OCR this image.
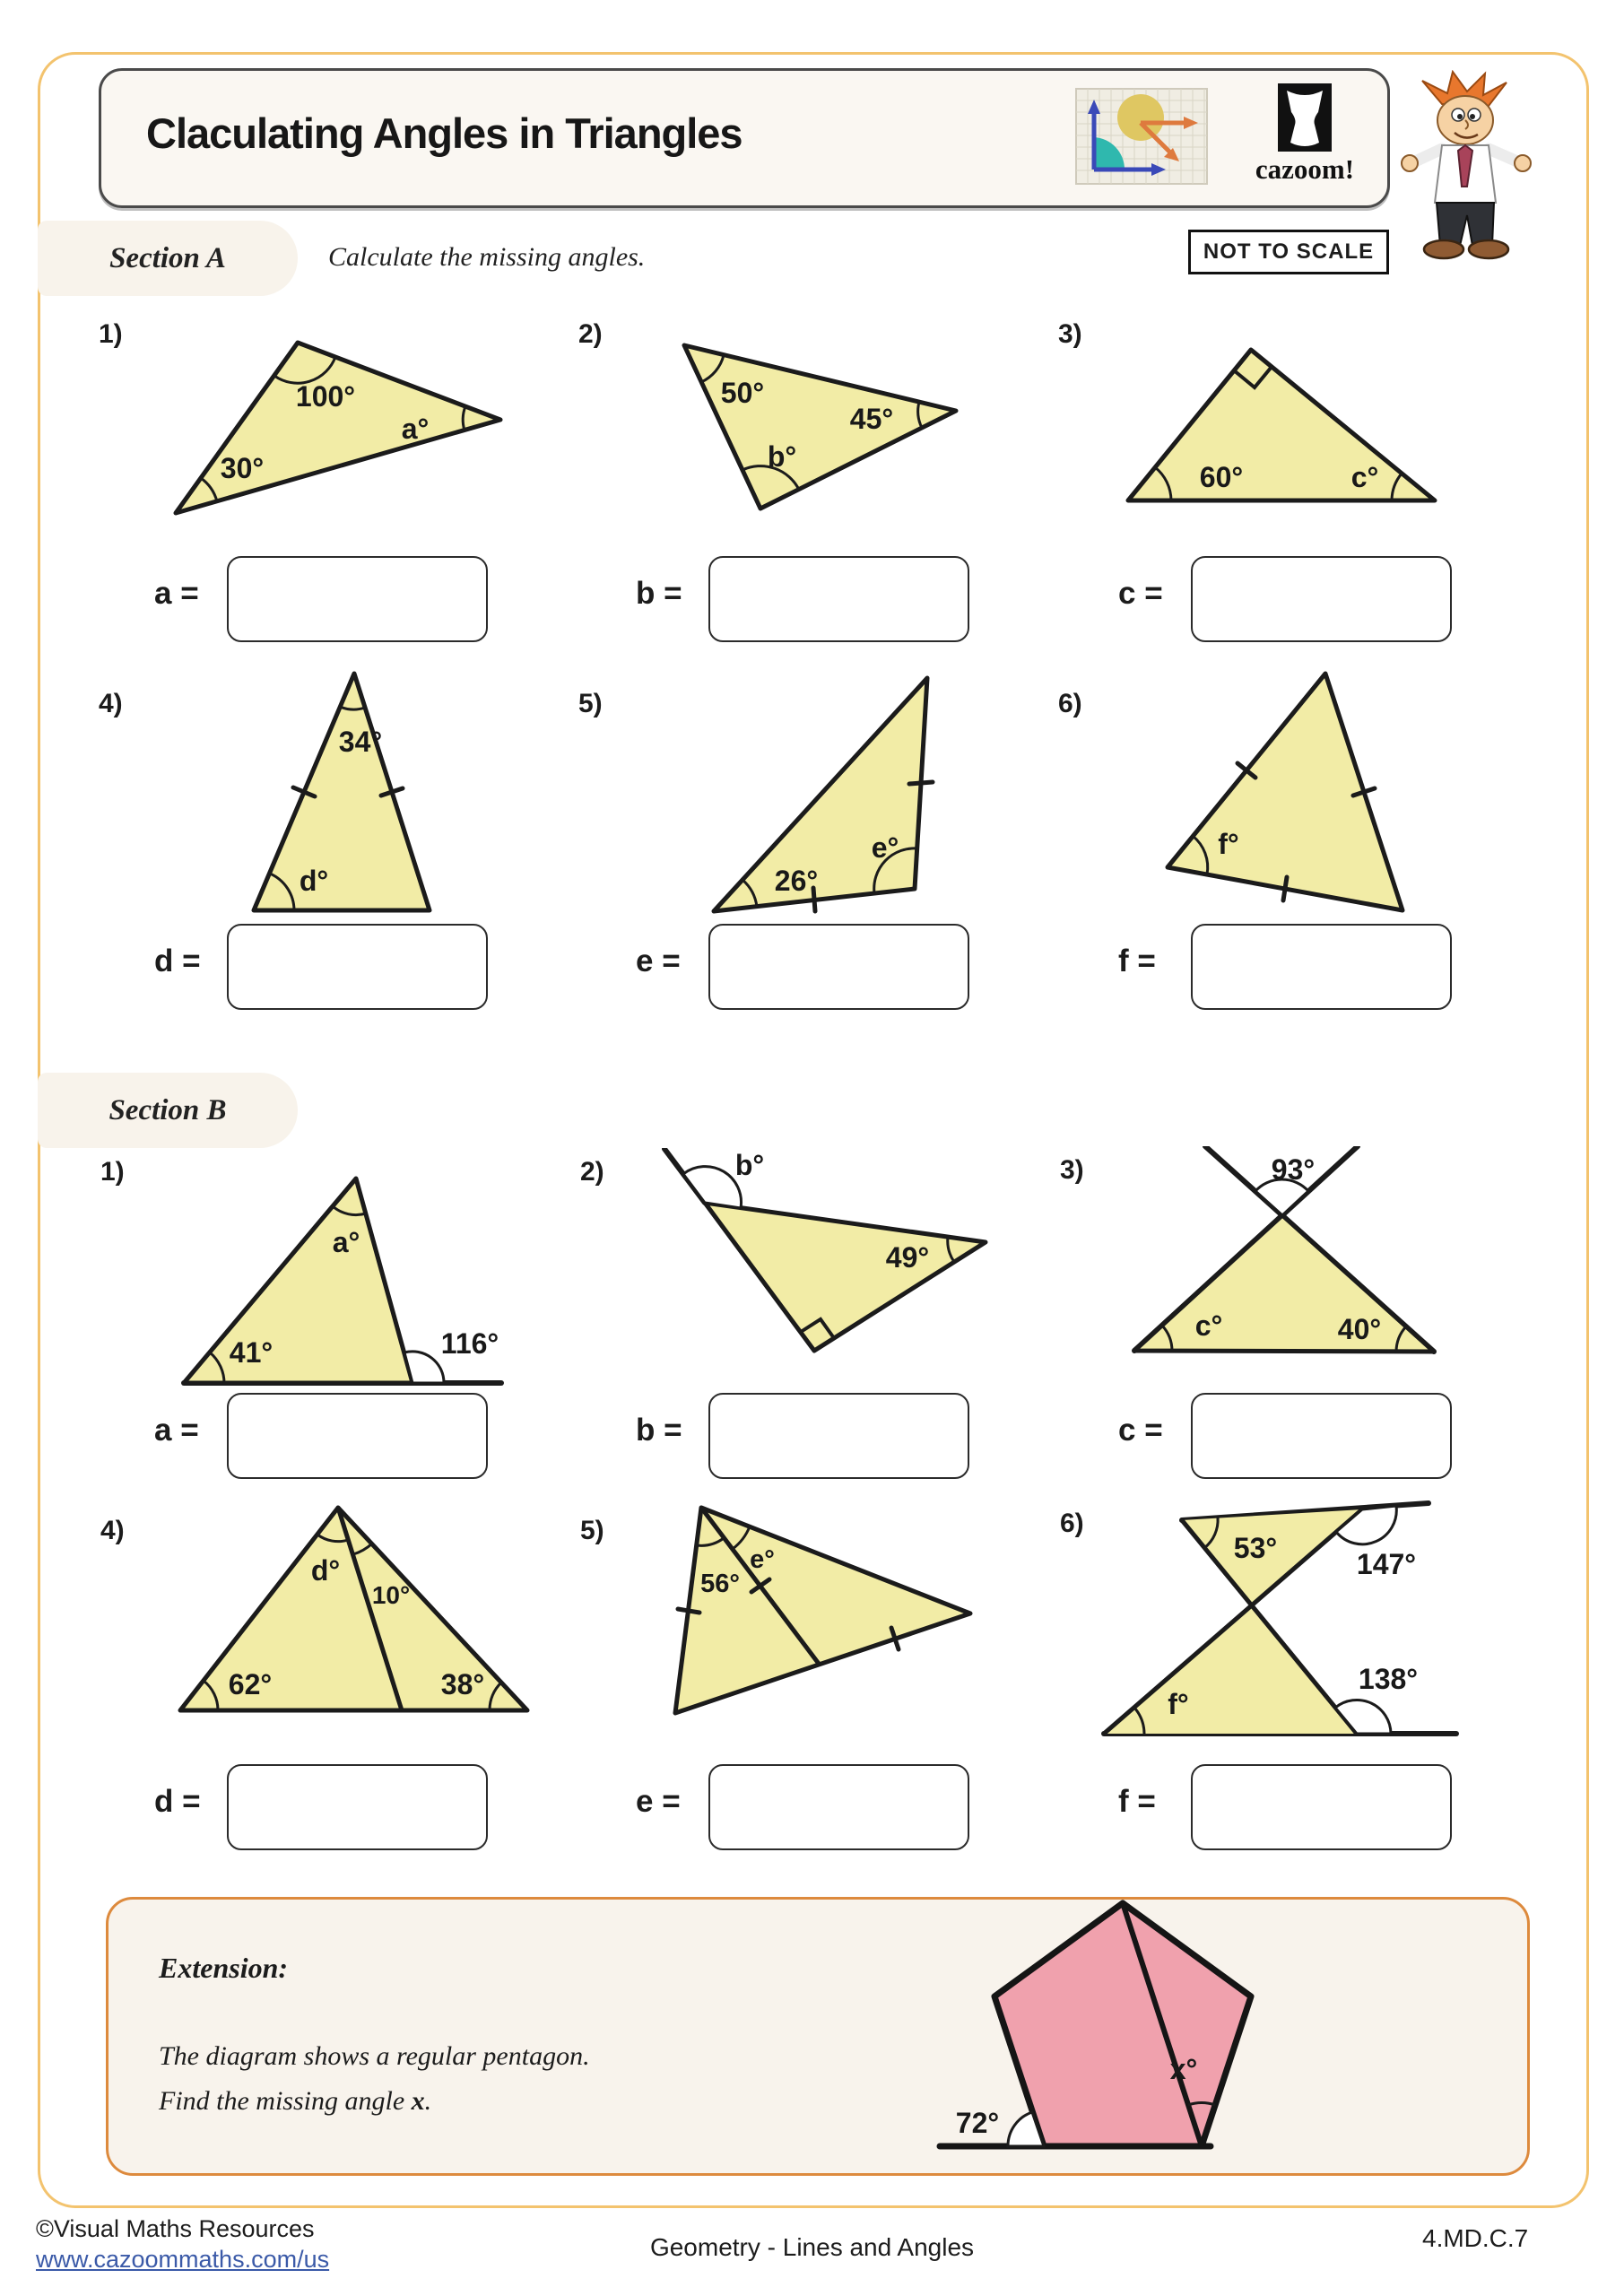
Claculating Angles in Triangles
cazoom!
NOT TO SCALE
Section A	Calculate the missing angles.
1)	2)	3)
100°
a°
30°
50°
45°
b°
60°	c°
a =	b =	c =
4)	5)	6)
34°
d°	26°
e°	f°
d =	e =	f =
Section B
1)	2)	3)
a°
41°	116°
b°
49°
93°
c°	40°
a =	b =	c =
4)	5)	6)
d°
10°
62°	38°
56°
e°	53°	147°
f°
138°
d =	e =	f =
Extension:
The diagram shows a regular pentagon.
Find the missing angle x.
72°
x°
©Visual Maths Resources
www.cazoommaths.com/us	Geometry - Lines and Angles	4.MD.C.7
